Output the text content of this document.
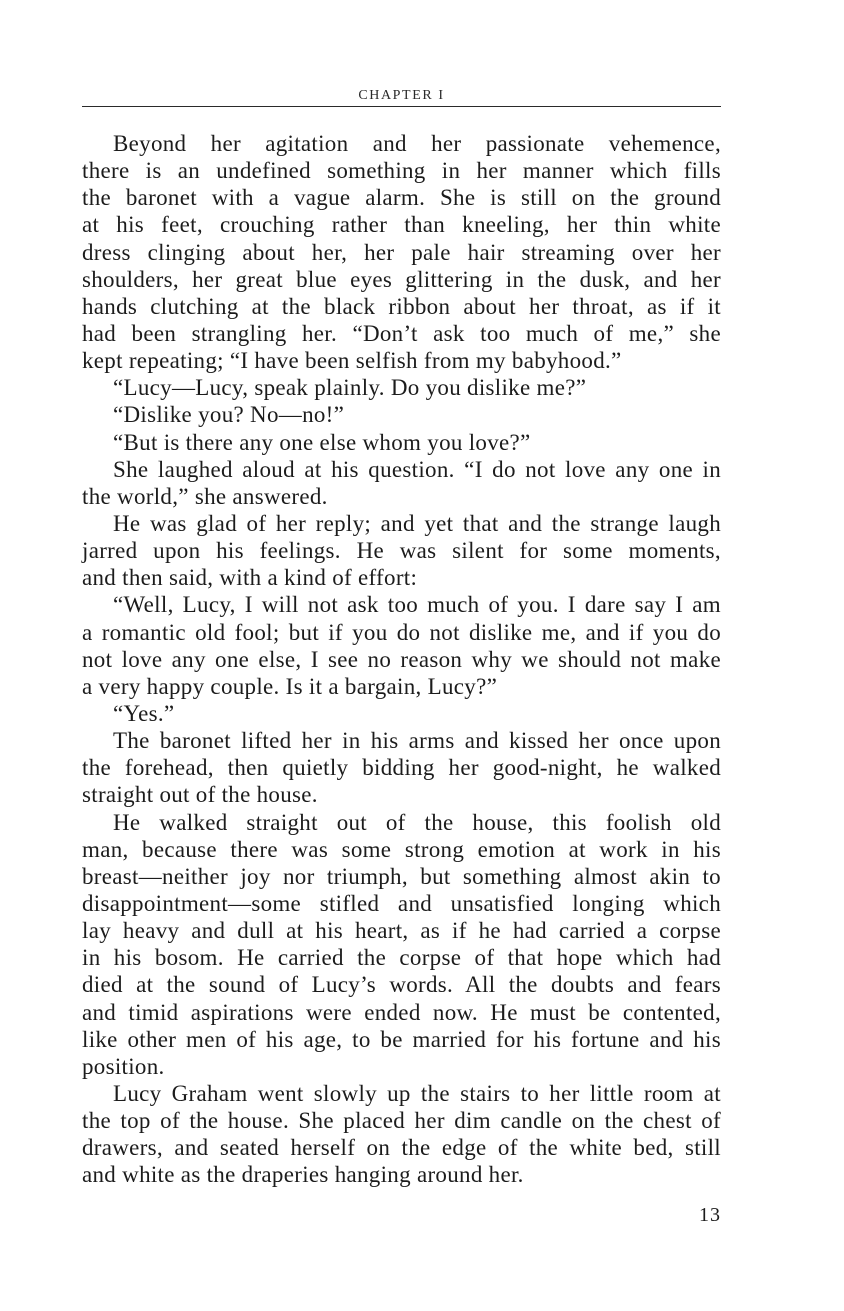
CHAPTER I
Beyond her agitation and her passionate vehemence,
there is an undefined something in her manner which fills
the baronet with a vague alarm. She is still on the ground
at his feet, crouching rather than kneeling, her thin white
dress clinging about her, her pale hair streaming over her
shoulders, her great blue eyes glittering in the dusk, and her
hands clutching at the black ribbon about her throat, as if it
had been strangling her. “Don’t ask too much of me,” she
kept repeating; “I have been selfish from my babyhood.”
“Lucy—Lucy, speak plainly. Do you dislike me?”
“Dislike you? No—no!”
“But is there any one else whom you love?”
She laughed aloud at his question. “I do not love any one in
the world,” she answered.
He was glad of her reply; and yet that and the strange laugh
jarred upon his feelings. He was silent for some moments,
and then said, with a kind of effort:
“Well, Lucy, I will not ask too much of you. I dare say I am
a romantic old fool; but if you do not dislike me, and if you do
not love any one else, I see no reason why we should not make
a very happy couple. Is it a bargain, Lucy?”
“Yes.”
The baronet lifted her in his arms and kissed her once upon
the forehead, then quietly bidding her good-night, he walked
straight out of the house.
He walked straight out of the house, this foolish old
man, because there was some strong emotion at work in his
breast—neither joy nor triumph, but something almost akin to
disappointment—some stifled and unsatisfied longing which
lay heavy and dull at his heart, as if he had carried a corpse
in his bosom. He carried the corpse of that hope which had
died at the sound of Lucy’s words. All the doubts and fears
and timid aspirations were ended now. He must be contented,
like other men of his age, to be married for his fortune and his
position.
Lucy Graham went slowly up the stairs to her little room at
the top of the house. She placed her dim candle on the chest of
drawers, and seated herself on the edge of the white bed, still
and white as the draperies hanging around her.
13
